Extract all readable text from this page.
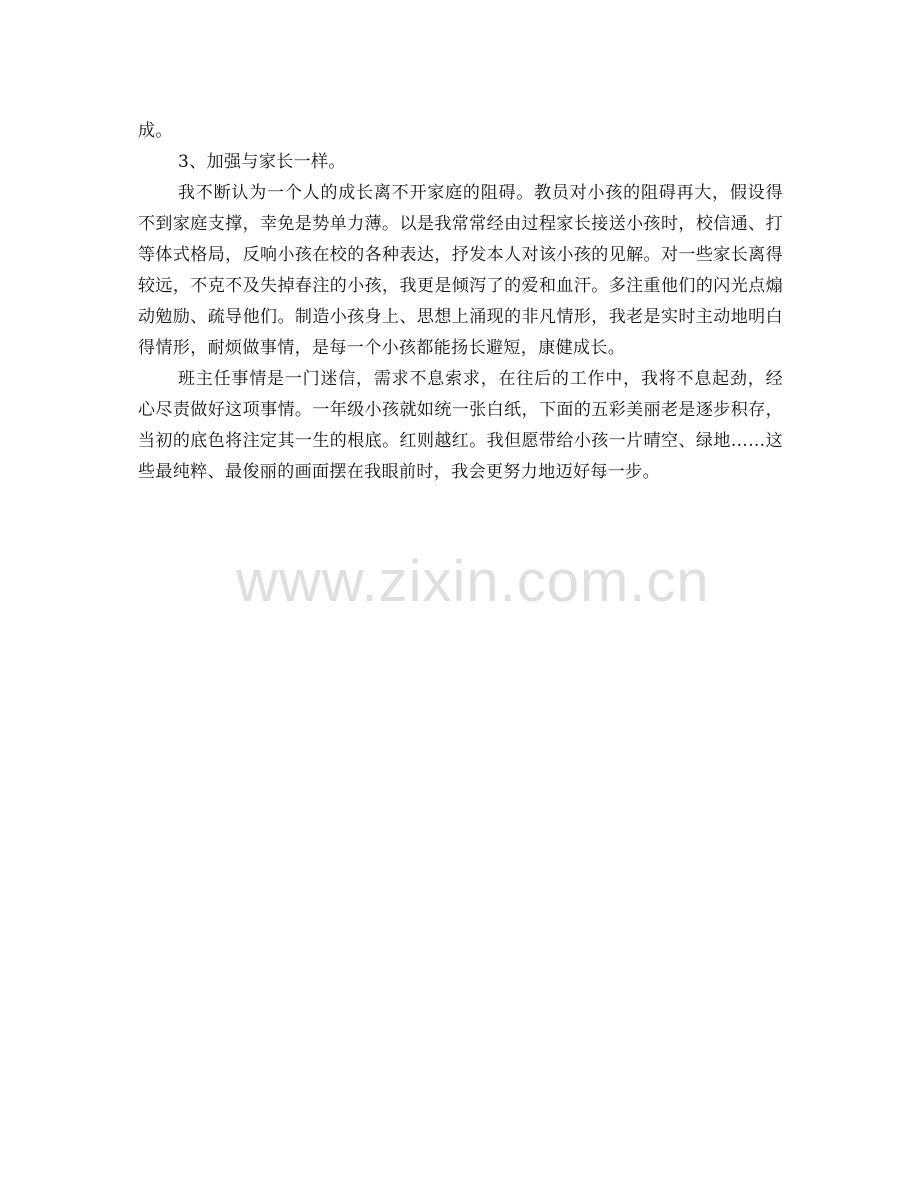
成。

3、加强与家长一样。

我不断认为一个人的成长离不开家庭的阻碍。教员对小孩的阻碍再大，假设得不到家庭支撑，幸免是势单力薄。以是我常常经由过程家长接送小孩时，校信通、打等体式格局，反响小孩在校的各种表达，抒发本人对该小孩的见解。对一些家长离得较远，不克不及失掉春注的小孩，我更是倾泻了的爱和血汗。多注重他们的闪光点煽动勉励、疏导他们。制造小孩身上、思想上涌现的非凡情形，我老是实时主动地明白得情形，耐烦做事情，是每一个小孩都能扬长避短，康健成长。

班主任事情是一门迷信，需求不息索求，在往后的工作中，我将不息起劲，经心尽责做好这项事情。一年级小孩就如统一张白纸，下面的五彩美丽老是逐步积存，当初的底色将注定其一生的根底。红则越红。我但愿带给小孩一片晴空、绿地……这些最纯粹、最俊丽的画面摆在我眼前时，我会更努力地迈好每一步。

www.zixin.com.cn
